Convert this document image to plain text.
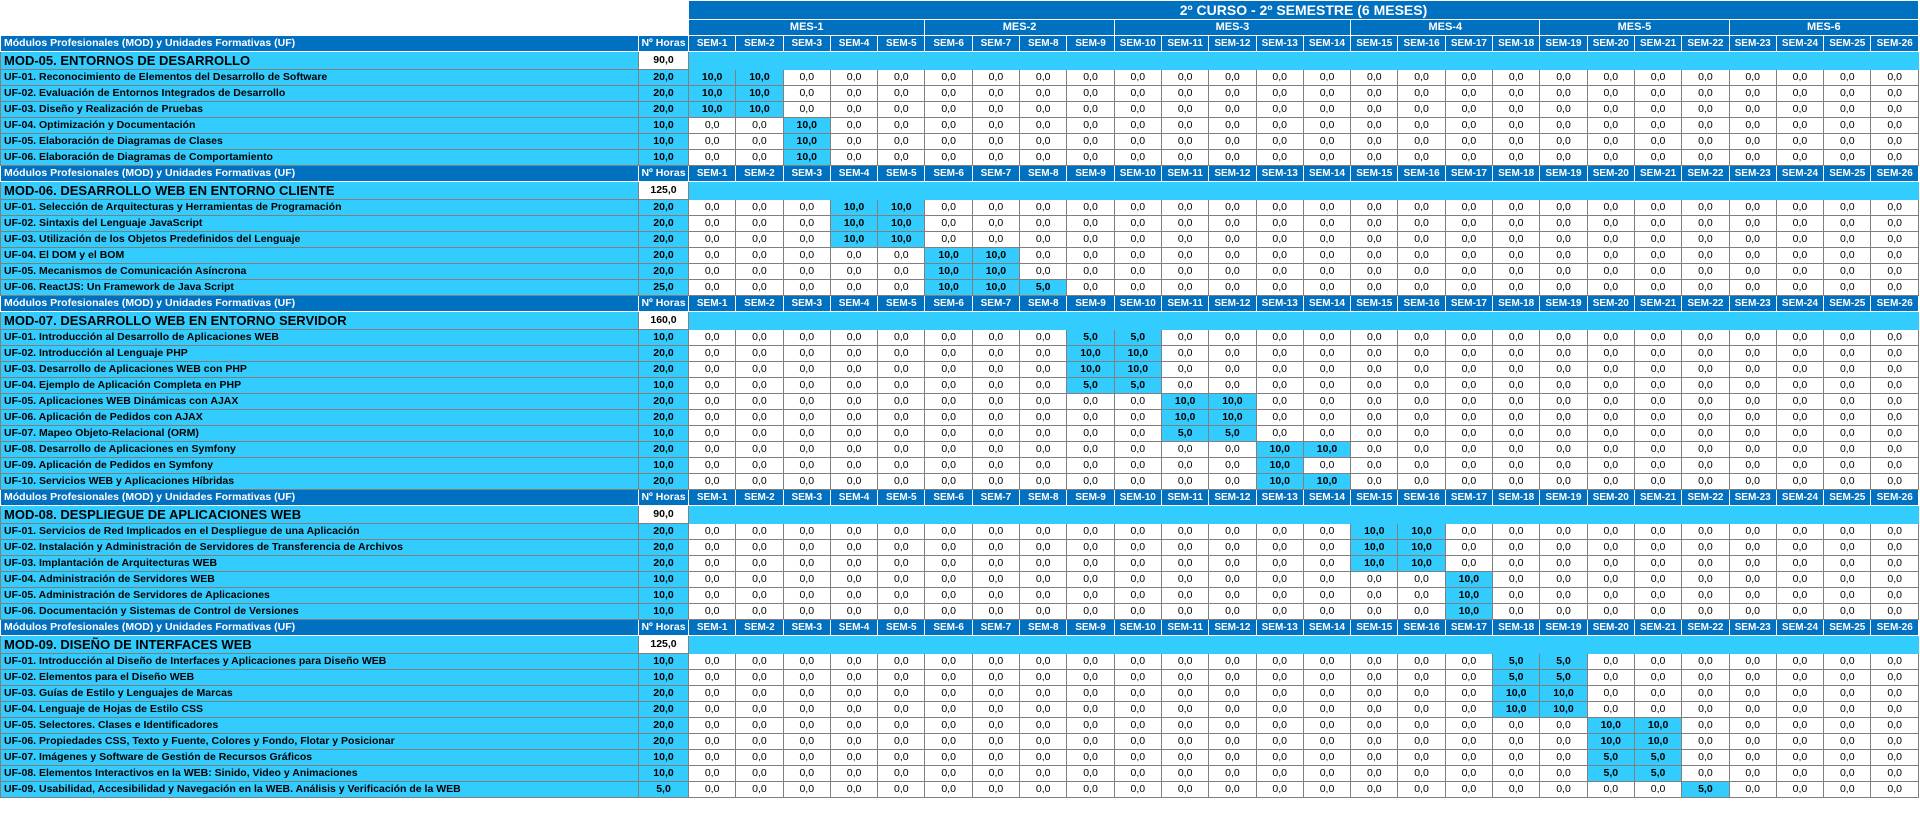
		2º CURSO - 2º SEMESTRE (6 MESES)																									
		MES-1					MES-2				MES-3					MES-4				MES-5				MES-6			
Módulos Profesionales (MOD) y Unidades Formativas (UF)	Nº Horas	SEM-1	SEM-2	SEM-3	SEM-4	SEM-5	SEM-6	SEM-7	SEM-8	SEM-9	SEM-10	SEM-11	SEM-12	SEM-13	SEM-14	SEM-15	SEM-16	SEM-17	SEM-18	SEM-19	SEM-20	SEM-21	SEM-22	SEM-23	SEM-24	SEM-25	SEM-26
MOD-05. ENTORNOS DE DESARROLLO	90,0																										
UF-01. Reconocimiento de Elementos del Desarrollo de Software	20,0	10,0	10,0	0,0	0,0	0,0	0,0	0,0	0,0	0,0	0,0	0,0	0,0	0,0	0,0	0,0	0,0	0,0	0,0	0,0	0,0	0,0	0,0	0,0	0,0	0,0	0,0
UF-02. Evaluación de Entornos Integrados de Desarrollo	20,0	10,0	10,0	0,0	0,0	0,0	0,0	0,0	0,0	0,0	0,0	0,0	0,0	0,0	0,0	0,0	0,0	0,0	0,0	0,0	0,0	0,0	0,0	0,0	0,0	0,0	0,0
UF-03. Diseño y Realización de Pruebas	20,0	10,0	10,0	0,0	0,0	0,0	0,0	0,0	0,0	0,0	0,0	0,0	0,0	0,0	0,0	0,0	0,0	0,0	0,0	0,0	0,0	0,0	0,0	0,0	0,0	0,0	0,0
UF-04. Optimización y Documentación	10,0	0,0	0,0	10,0	0,0	0,0	0,0	0,0	0,0	0,0	0,0	0,0	0,0	0,0	0,0	0,0	0,0	0,0	0,0	0,0	0,0	0,0	0,0	0,0	0,0	0,0	0,0
UF-05. Elaboración de Diagramas de Clases	10,0	0,0	0,0	10,0	0,0	0,0	0,0	0,0	0,0	0,0	0,0	0,0	0,0	0,0	0,0	0,0	0,0	0,0	0,0	0,0	0,0	0,0	0,0	0,0	0,0	0,0	0,0
UF-06. Elaboración de Diagramas de Comportamiento	10,0	0,0	0,0	10,0	0,0	0,0	0,0	0,0	0,0	0,0	0,0	0,0	0,0	0,0	0,0	0,0	0,0	0,0	0,0	0,0	0,0	0,0	0,0	0,0	0,0	0,0	0,0
Módulos Profesionales (MOD) y Unidades Formativas (UF)	Nº Horas	SEM-1	SEM-2	SEM-3	SEM-4	SEM-5	SEM-6	SEM-7	SEM-8	SEM-9	SEM-10	SEM-11	SEM-12	SEM-13	SEM-14	SEM-15	SEM-16	SEM-17	SEM-18	SEM-19	SEM-20	SEM-21	SEM-22	SEM-23	SEM-24	SEM-25	SEM-26
MOD-06. DESARROLLO WEB EN ENTORNO CLIENTE	125,0																										
UF-01. Selección de Arquitecturas y Herramientas de Programación	20,0	0,0	0,0	0,0	10,0	10,0	0,0	0,0	0,0	0,0	0,0	0,0	0,0	0,0	0,0	0,0	0,0	0,0	0,0	0,0	0,0	0,0	0,0	0,0	0,0	0,0	0,0
UF-02. Sintaxis del Lenguaje JavaScript	20,0	0,0	0,0	0,0	10,0	10,0	0,0	0,0	0,0	0,0	0,0	0,0	0,0	0,0	0,0	0,0	0,0	0,0	0,0	0,0	0,0	0,0	0,0	0,0	0,0	0,0	0,0
UF-03. Utilización de los Objetos Predefinidos del Lenguaje	20,0	0,0	0,0	0,0	10,0	10,0	0,0	0,0	0,0	0,0	0,0	0,0	0,0	0,0	0,0	0,0	0,0	0,0	0,0	0,0	0,0	0,0	0,0	0,0	0,0	0,0	0,0
UF-04. El DOM y el BOM	20,0	0,0	0,0	0,0	0,0	0,0	10,0	10,0	0,0	0,0	0,0	0,0	0,0	0,0	0,0	0,0	0,0	0,0	0,0	0,0	0,0	0,0	0,0	0,0	0,0	0,0	0,0
UF-05. Mecanismos de Comunicación Asíncrona	20,0	0,0	0,0	0,0	0,0	0,0	10,0	10,0	0,0	0,0	0,0	0,0	0,0	0,0	0,0	0,0	0,0	0,0	0,0	0,0	0,0	0,0	0,0	0,0	0,0	0,0	0,0
UF-06. ReactJS: Un Framework de Java Script	25,0	0,0	0,0	0,0	0,0	0,0	10,0	10,0	5,0	0,0	0,0	0,0	0,0	0,0	0,0	0,0	0,0	0,0	0,0	0,0	0,0	0,0	0,0	0,0	0,0	0,0	0,0
Módulos Profesionales (MOD) y Unidades Formativas (UF)	Nº Horas	SEM-1	SEM-2	SEM-3	SEM-4	SEM-5	SEM-6	SEM-7	SEM-8	SEM-9	SEM-10	SEM-11	SEM-12	SEM-13	SEM-14	SEM-15	SEM-16	SEM-17	SEM-18	SEM-19	SEM-20	SEM-21	SEM-22	SEM-23	SEM-24	SEM-25	SEM-26
MOD-07. DESARROLLO WEB EN ENTORNO SERVIDOR	160,0																										
UF-01. Introducción al Desarrollo de Aplicaciones WEB	10,0	0,0	0,0	0,0	0,0	0,0	0,0	0,0	0,0	5,0	5,0	0,0	0,0	0,0	0,0	0,0	0,0	0,0	0,0	0,0	0,0	0,0	0,0	0,0	0,0	0,0	0,0
UF-02. Introducción al Lenguaje PHP	20,0	0,0	0,0	0,0	0,0	0,0	0,0	0,0	0,0	10,0	10,0	0,0	0,0	0,0	0,0	0,0	0,0	0,0	0,0	0,0	0,0	0,0	0,0	0,0	0,0	0,0	0,0
UF-03. Desarrollo de Aplicaciones WEB con PHP	20,0	0,0	0,0	0,0	0,0	0,0	0,0	0,0	0,0	10,0	10,0	0,0	0,0	0,0	0,0	0,0	0,0	0,0	0,0	0,0	0,0	0,0	0,0	0,0	0,0	0,0	0,0
UF-04. Ejemplo de Aplicación Completa en PHP	10,0	0,0	0,0	0,0	0,0	0,0	0,0	0,0	0,0	5,0	5,0	0,0	0,0	0,0	0,0	0,0	0,0	0,0	0,0	0,0	0,0	0,0	0,0	0,0	0,0	0,0	0,0
UF-05. Aplicaciones WEB Dinámicas con AJAX	20,0	0,0	0,0	0,0	0,0	0,0	0,0	0,0	0,0	0,0	0,0	10,0	10,0	0,0	0,0	0,0	0,0	0,0	0,0	0,0	0,0	0,0	0,0	0,0	0,0	0,0	0,0
UF-06. Aplicación de Pedidos con AJAX	20,0	0,0	0,0	0,0	0,0	0,0	0,0	0,0	0,0	0,0	0,0	10,0	10,0	0,0	0,0	0,0	0,0	0,0	0,0	0,0	0,0	0,0	0,0	0,0	0,0	0,0	0,0
UF-07. Mapeo Objeto-Relacional (ORM)	10,0	0,0	0,0	0,0	0,0	0,0	0,0	0,0	0,0	0,0	0,0	5,0	5,0	0,0	0,0	0,0	0,0	0,0	0,0	0,0	0,0	0,0	0,0	0,0	0,0	0,0	0,0
UF-08. Desarrollo de Aplicaciones en Symfony	20,0	0,0	0,0	0,0	0,0	0,0	0,0	0,0	0,0	0,0	0,0	0,0	0,0	10,0	10,0	0,0	0,0	0,0	0,0	0,0	0,0	0,0	0,0	0,0	0,0	0,0	0,0
UF-09. Aplicación de Pedidos en Symfony	10,0	0,0	0,0	0,0	0,0	0,0	0,0	0,0	0,0	0,0	0,0	0,0	0,0	10,0	0,0	0,0	0,0	0,0	0,0	0,0	0,0	0,0	0,0	0,0	0,0	0,0	0,0
UF-10. Servicios WEB y Aplicaciones Híbridas	20,0	0,0	0,0	0,0	0,0	0,0	0,0	0,0	0,0	0,0	0,0	0,0	0,0	10,0	10,0	0,0	0,0	0,0	0,0	0,0	0,0	0,0	0,0	0,0	0,0	0,0	0,0
Módulos Profesionales (MOD) y Unidades Formativas (UF)	Nº Horas	SEM-1	SEM-2	SEM-3	SEM-4	SEM-5	SEM-6	SEM-7	SEM-8	SEM-9	SEM-10	SEM-11	SEM-12	SEM-13	SEM-14	SEM-15	SEM-16	SEM-17	SEM-18	SEM-19	SEM-20	SEM-21	SEM-22	SEM-23	SEM-24	SEM-25	SEM-26
MOD-08. DESPLIEGUE DE APLICACIONES WEB	90,0																										
UF-01. Servicios de Red Implicados en el Despliegue de una Aplicación	20,0	0,0	0,0	0,0	0,0	0,0	0,0	0,0	0,0	0,0	0,0	0,0	0,0	0,0	0,0	10,0	10,0	0,0	0,0	0,0	0,0	0,0	0,0	0,0	0,0	0,0	0,0
UF-02. Instalación y Administración de Servidores de Transferencia de Archivos	20,0	0,0	0,0	0,0	0,0	0,0	0,0	0,0	0,0	0,0	0,0	0,0	0,0	0,0	0,0	10,0	10,0	0,0	0,0	0,0	0,0	0,0	0,0	0,0	0,0	0,0	0,0
UF-03. Implantación de Arquitecturas WEB	20,0	0,0	0,0	0,0	0,0	0,0	0,0	0,0	0,0	0,0	0,0	0,0	0,0	0,0	0,0	10,0	10,0	0,0	0,0	0,0	0,0	0,0	0,0	0,0	0,0	0,0	0,0
UF-04. Administración de Servidores WEB	10,0	0,0	0,0	0,0	0,0	0,0	0,0	0,0	0,0	0,0	0,0	0,0	0,0	0,0	0,0	0,0	0,0	10,0	0,0	0,0	0,0	0,0	0,0	0,0	0,0	0,0	0,0
UF-05. Administración de Servidores de Aplicaciones	10,0	0,0	0,0	0,0	0,0	0,0	0,0	0,0	0,0	0,0	0,0	0,0	0,0	0,0	0,0	0,0	0,0	10,0	0,0	0,0	0,0	0,0	0,0	0,0	0,0	0,0	0,0
UF-06. Documentación y Sistemas de Control de Versiones	10,0	0,0	0,0	0,0	0,0	0,0	0,0	0,0	0,0	0,0	0,0	0,0	0,0	0,0	0,0	0,0	0,0	10,0	0,0	0,0	0,0	0,0	0,0	0,0	0,0	0,0	0,0
Módulos Profesionales (MOD) y Unidades Formativas (UF)	Nº Horas	SEM-1	SEM-2	SEM-3	SEM-4	SEM-5	SEM-6	SEM-7	SEM-8	SEM-9	SEM-10	SEM-11	SEM-12	SEM-13	SEM-14	SEM-15	SEM-16	SEM-17	SEM-18	SEM-19	SEM-20	SEM-21	SEM-22	SEM-23	SEM-24	SEM-25	SEM-26
MOD-09. DISEÑO DE INTERFACES WEB	125,0																										
UF-01. Introducción al Diseño de Interfaces y Aplicaciones para Diseño WEB	10,0	0,0	0,0	0,0	0,0	0,0	0,0	0,0	0,0	0,0	0,0	0,0	0,0	0,0	0,0	0,0	0,0	0,0	5,0	5,0	0,0	0,0	0,0	0,0	0,0	0,0	0,0
UF-02. Elementos para el Diseño WEB	10,0	0,0	0,0	0,0	0,0	0,0	0,0	0,0	0,0	0,0	0,0	0,0	0,0	0,0	0,0	0,0	0,0	0,0	5,0	5,0	0,0	0,0	0,0	0,0	0,0	0,0	0,0
UF-03. Guías de Estilo y Lenguajes de Marcas	20,0	0,0	0,0	0,0	0,0	0,0	0,0	0,0	0,0	0,0	0,0	0,0	0,0	0,0	0,0	0,0	0,0	0,0	10,0	10,0	0,0	0,0	0,0	0,0	0,0	0,0	0,0
UF-04. Lenguaje de Hojas de Estilo CSS	20,0	0,0	0,0	0,0	0,0	0,0	0,0	0,0	0,0	0,0	0,0	0,0	0,0	0,0	0,0	0,0	0,0	0,0	10,0	10,0	0,0	0,0	0,0	0,0	0,0	0,0	0,0
UF-05. Selectores. Clases e Identificadores	20,0	0,0	0,0	0,0	0,0	0,0	0,0	0,0	0,0	0,0	0,0	0,0	0,0	0,0	0,0	0,0	0,0	0,0	0,0	0,0	10,0	10,0	0,0	0,0	0,0	0,0	0,0
UF-06. Propiedades CSS, Texto y Fuente, Colores y Fondo, Flotar y Posicionar	20,0	0,0	0,0	0,0	0,0	0,0	0,0	0,0	0,0	0,0	0,0	0,0	0,0	0,0	0,0	0,0	0,0	0,0	0,0	0,0	10,0	10,0	0,0	0,0	0,0	0,0	0,0
UF-07. Imágenes y Software de Gestión de Recursos Gráficos	10,0	0,0	0,0	0,0	0,0	0,0	0,0	0,0	0,0	0,0	0,0	0,0	0,0	0,0	0,0	0,0	0,0	0,0	0,0	0,0	5,0	5,0	0,0	0,0	0,0	0,0	0,0
UF-08. Elementos Interactivos en la WEB: Sinido, Video y Animaciones	10,0	0,0	0,0	0,0	0,0	0,0	0,0	0,0	0,0	0,0	0,0	0,0	0,0	0,0	0,0	0,0	0,0	0,0	0,0	0,0	5,0	5,0	0,0	0,0	0,0	0,0	0,0
UF-09. Usabilidad, Accesibilidad y Navegación en la WEB. Análisis y Verificación de la WEB	5,0	0,0	0,0	0,0	0,0	0,0	0,0	0,0	0,0	0,0	0,0	0,0	0,0	0,0	0,0	0,0	0,0	0,0	0,0	0,0	0,0	0,0	5,0	0,0	0,0	0,0	0,0
